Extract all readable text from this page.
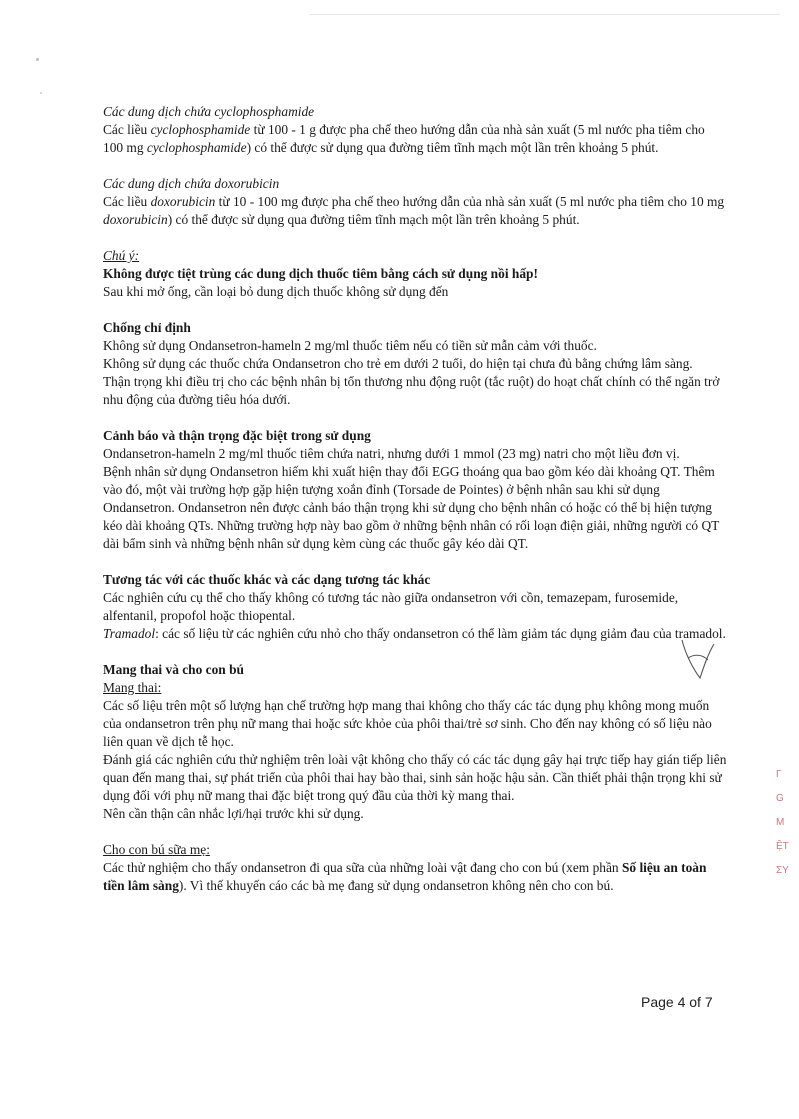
Các dung dịch chứa cyclophosphamide

Các liều cyclophosphamide từ 100 - 1 g được pha chế theo hướng dẫn của nhà sản xuất (5 ml nước pha tiêm cho 100 mg cyclophosphamide) có thể được sử dụng qua đường tiêm tĩnh mạch một lần trên khoảng 5 phút.

Các dung dịch chứa doxorubicin

Các liều doxorubicin từ 10 - 100 mg được pha chế theo hướng dẫn của nhà sản xuất (5 ml nước pha tiêm cho 10 mg doxorubicin) có thể được sử dụng qua đường tiêm tĩnh mạch một lần trên khoảng 5 phút.

Chú ý:

Không được tiệt trùng các dung dịch thuốc tiêm bằng cách sử dụng nồi hấp!

Sau khi mở ống, cần loại bỏ dung dịch thuốc không sử dụng đến

Chống chỉ định

Không sử dụng Ondansetron-hameln 2 mg/ml thuốc tiêm nếu có tiền sử mẫn cảm với thuốc.

Không sử dụng các thuốc chứa Ondansetron cho trẻ em dưới 2 tuổi, do hiện tại chưa đủ bằng chứng lâm sàng.

Thận trọng khi điều trị cho các bệnh nhân bị tổn thương nhu động ruột (tắc ruột) do hoạt chất chính có thể ngăn trở nhu động của đường tiêu hóa dưới.

Cảnh báo và thận trọng đặc biệt trong sử dụng

Ondansetron-hameln 2 mg/ml thuốc tiêm chứa natri, nhưng dưới 1 mmol (23 mg) natri cho một liều đơn vị.

Bệnh nhân sử dụng Ondansetron hiếm khi xuất hiện thay đổi EGG thoáng qua bao gồm kéo dài khoảng QT. Thêm vào đó, một vài trường hợp gặp hiện tượng xoắn đỉnh (Torsade de Pointes) ở bệnh nhân sau khi sử dụng Ondansetron. Ondansetron nên được cảnh báo thận trọng khi sử dụng cho bệnh nhân có hoặc có thể bị hiện tượng kéo dài khoảng QTs. Những trường hợp này bao gồm ở những bệnh nhân có rối loạn điện giải, những người có QT dài bẩm sinh và những bệnh nhân sử dụng kèm cùng các thuốc gây kéo dài QT.

Tương tác với các thuốc khác và các dạng tương tác khác

Các nghiên cứu cụ thể cho thấy không có tương tác nào giữa ondansetron với cồn, temazepam, furosemide, alfentanil, propofol hoặc thiopental.

Tramadol: các số liệu từ các nghiên cứu nhỏ cho thấy ondansetron có thể làm giảm tác dụng giảm đau của tramadol.

Mang thai và cho con bú

Mang thai:

Các số liệu trên một số lượng hạn chế trường hợp mang thai không cho thấy các tác dụng phụ không mong muốn của ondansetron trên phụ nữ mang thai hoặc sức khỏe của phôi thai/trẻ sơ sinh. Cho đến nay không có số liệu nào liên quan về dịch tễ học.

Đánh giá các nghiên cứu thử nghiệm trên loài vật không cho thấy có các tác dụng gây hại trực tiếp hay gián tiếp liên quan đến mang thai, sự phát triển của phôi thai hay bào thai, sinh sản hoặc hậu sản. Cần thiết phải thận trọng khi sử dụng đối với phụ nữ mang thai đặc biệt trong quý đầu của thời kỳ mang thai.

Nên cần thận cân nhắc lợi/hại trước khi sử dụng.

Cho con bú sữa mẹ:

Các thử nghiệm cho thấy ondansetron đi qua sữa của những loài vật đang cho con bú (xem phần Số liệu an toàn tiền lâm sàng). Vì thế khuyến cáo các bà mẹ đang sử dụng ondansetron không nên cho con bú.

Γ
G
M
ỆT
ΣY
Page 4 of 7
